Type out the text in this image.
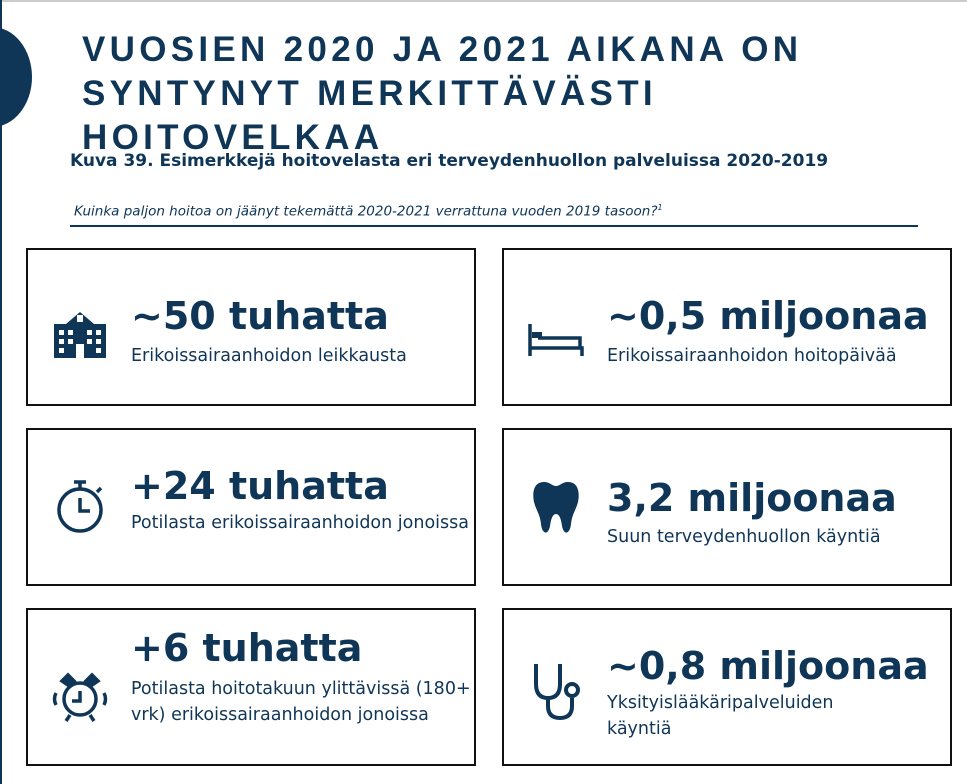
VUOSIEN 2020 JA 2021 AIKANA ON
SYNTYNYT MERKITTÄVÄSTI HOITOVELKAA
Kuva 39. Esimerkkejä hoitovelasta eri terveydenhuollon palveluissa 2020-2019
Kuinka paljon hoitoa on jäänyt tekemättä 2020-2021 verrattuna vuoden 2019 tasoon?$^1$
~50 tuhatta
Erikoissairaanhoidon leikkausta
~0,5 miljoonaa
Erikoissairaanhoidon hoitopäivää
+24 tuhatta
Potilasta erikoissairaanhoidon jonoissa
3,2 miljoonaa
Suun terveydenhuollon käyntiä
+6 tuhatta
Potilasta hoitotakuun ylittävissä (180+ vrk) erikoissairaanhoidon jonoissa
~0,8 miljoonaa
Yksityislääkäripalveluiden käyntiä
